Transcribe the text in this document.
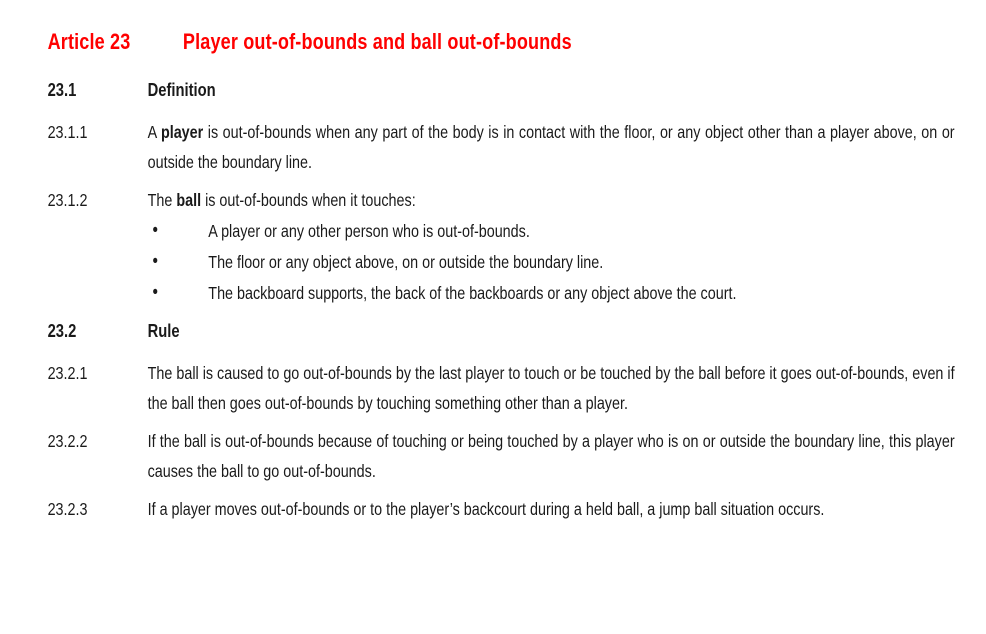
Article 23	Player out-of-bounds and ball out-of-bounds
23.1	Definition
23.1.1	A player is out-of-bounds when any part of the body is in contact with the floor, or any object other than a player above, on or outside the boundary line.
23.1.2	The ball is out-of-bounds when it touches:
•	A player or any other person who is out-of-bounds.
•	The floor or any object above, on or outside the boundary line.
•	The backboard supports, the back of the backboards or any object above the court.
23.2	Rule
23.2.1	The ball is caused to go out-of-bounds by the last player to touch or be touched by the ball before it goes out-of-bounds, even if the ball then goes out-of-bounds by touching something other than a player.
23.2.2	If the ball is out-of-bounds because of touching or being touched by a player who is on or outside the boundary line, this player causes the ball to go out-of-bounds.
23.2.3	If a player moves out-of-bounds or to the player’s backcourt during a held ball, a jump ball situation occurs.
